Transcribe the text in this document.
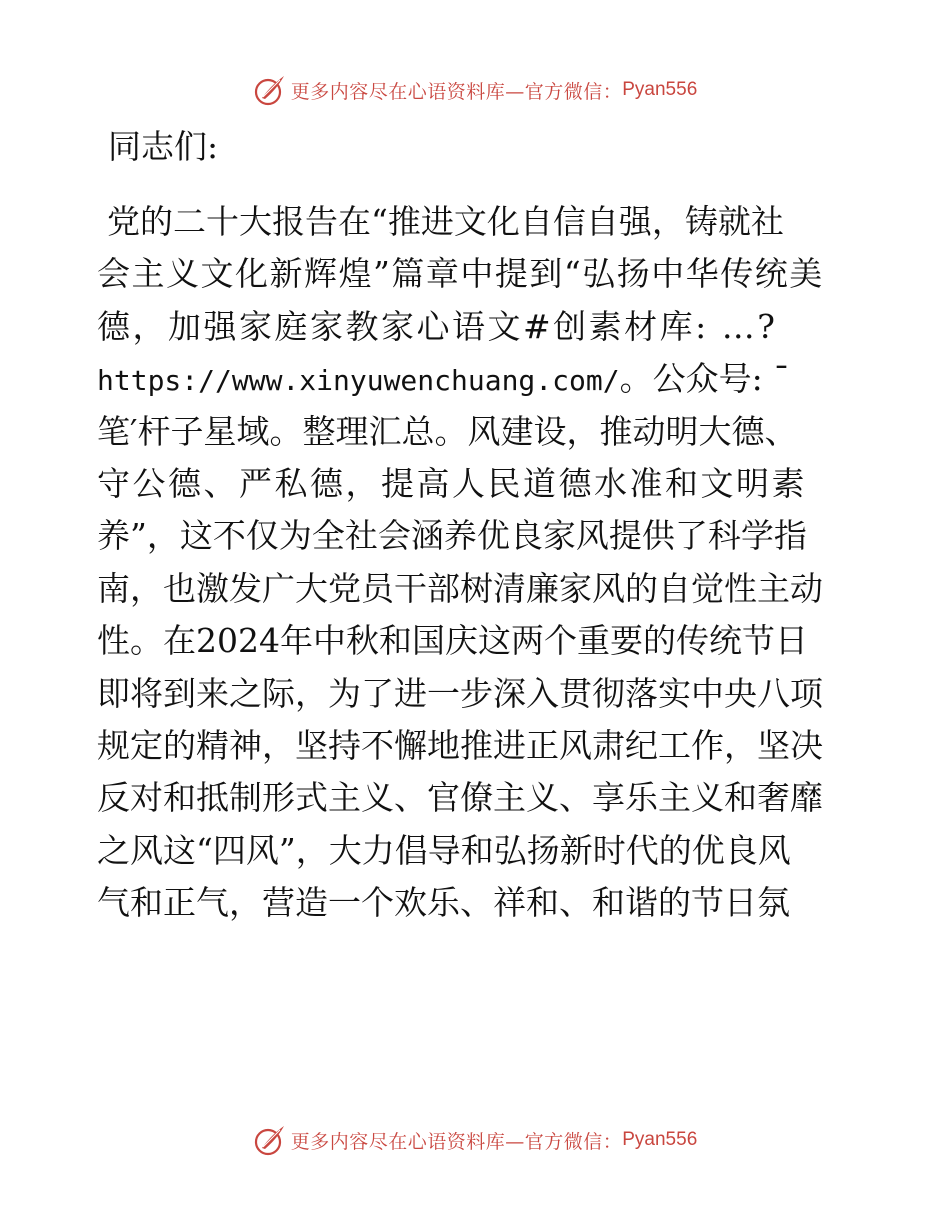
更多内容尽在心语资料库—官方微信： Pyan556
同志们:
党的二十大报告在“推进文化自信自强，铸就社
会主义文化新辉煌”篇章中提到“弘扬中华传统美
德，加强家庭家教家心语文#创素材库: …?
https://www.xinyuwenchuang.com/。公众号: ¯
笔′杆子星域。整理汇总。风建设，推动明大德、
守公德、严私德，提高人民道德水准和文明素
养”，这不仅为全社会涵养优良家风提供了科学指
南，也激发广大党员干部树清廉家风的自觉性主动
性。在2024年中秋和国庆这两个重要的传统节日
即将到来之际，为了进一步深入贯彻落实中央八项
规定的精神，坚持不懈地推进正风肃纪工作，坚决
反对和抵制形式主义、官僚主义、享乐主义和奢靡
之风这“四风”，大力倡导和弘扬新时代的优良风
气和正气，营造一个欢乐、祥和、和谐的节日氛
更多内容尽在心语资料库—官方微信： Pyan556
